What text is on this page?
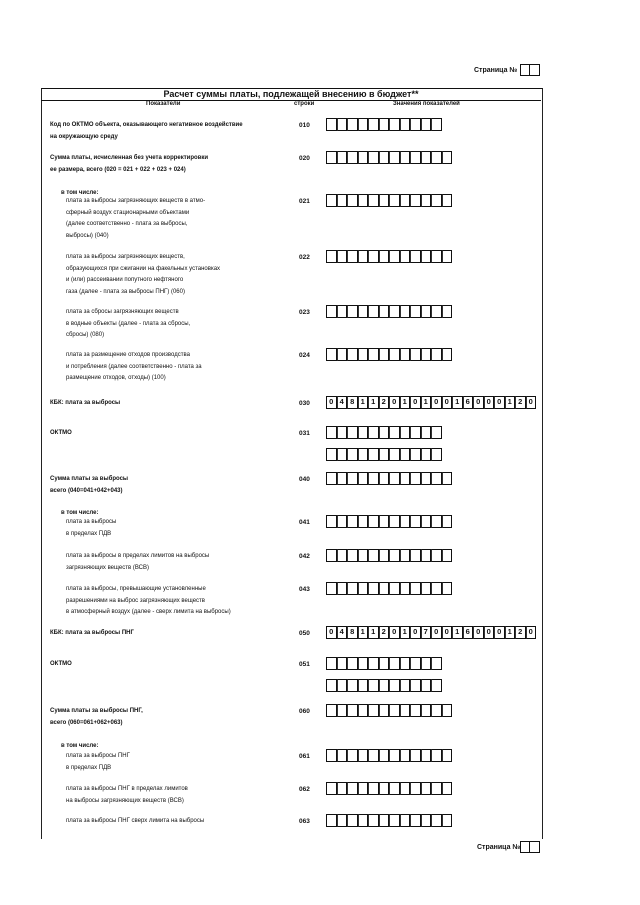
Страница №
Расчет суммы платы, подлежащей внесению в бюджет**
Показатели	строки	Значения показателей
Код по ОКТМО объекта, оказывающего негативное воздействие
на окружающую среду
010
Сумма платы, исчисленная без учета корректировки
ее размера, всего (020 = 021 + 022 + 023 + 024)
020
в том числе:
плата за выбросы загрязняющих веществ в атмо-
сферный воздух стационарными объектами
(далее соответственно - плата за выбросы,
выбросы) (040)
021
плата за выбросы загрязняющих веществ,
образующихся при сжигании на факельных установках
и (или) рассеивании попутного нефтяного
газа (далее - плата за выбросы ПНГ) (060)
022
плата за сбросы загрязняющих веществ
в водные объекты (далее - плата за сбросы,
сбросы) (080)
023
плата за размещение отходов производства
и потребления (далее соответственно - плата за
размещение отходов, отходы) (100)
024
КБК: плата за выбросы	030	0 4 8 1 1 2 0 1 0 1 0 0 1 6 0 0 0 1 2 0
ОКТМО	031
Сумма платы за выбросы
всего (040=041+042+043)
040
в том числе:
плата за выбросы
в пределах ПДВ
041
плата за выбросы в пределах лимитов на выбросы
загрязняющих веществ (ВСВ)
042
плата за выбросы, превышающие установленные
разрешениями на выброс загрязняющих веществ
в атмосферный воздух (далее - сверх лимита на выбросы)
043
КБК: плата за выбросы ПНГ	050	0 4 8 1 1 2 0 1 0 7 0 0 1 6 0 0 0 1 2 0
ОКТМО	051
Сумма платы за выбросы ПНГ,
всего (060=061+062+063)
060
в том числе:
плата за выбросы ПНГ
в пределах ПДВ
061
плата за выбросы ПНГ в пределах лимитов
на выбросы загрязняющих веществ (ВСВ)
062
плата за выбросы ПНГ сверх лимита на выбросы	063
Страница №
